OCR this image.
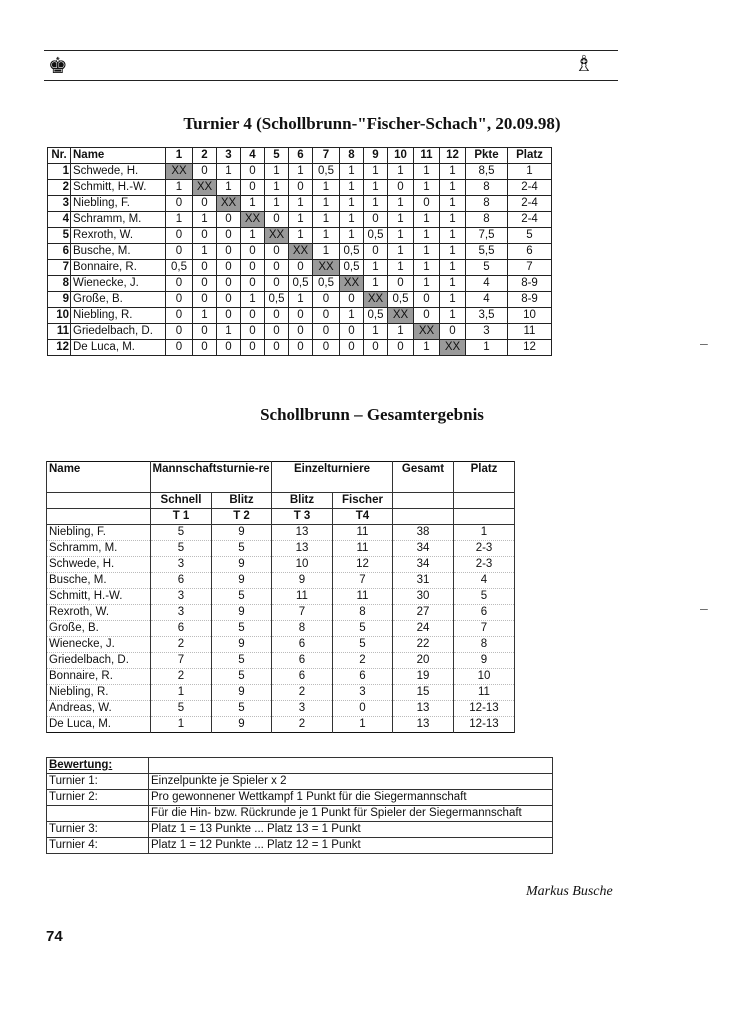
♚	♗
Turnier 4 (Schollbrunn-"Fischer-Schach", 20.09.98)
Nr.	Name	1	2	3	4	5	6	7	8	9	10	11	12	Pkte	Platz
1	Schwede, H.	XX	0	1	0	1	1	0,5	1	1	1	1	1	8,5	1
2	Schmitt, H.-W.	1	XX	1	0	1	0	1	1	1	0	1	1	8	2-4
3	Niebling, F.	0	0	XX	1	1	1	1	1	1	1	0	1	8	2-4
4	Schramm, M.	1	1	0	XX	0	1	1	1	0	1	1	1	8	2-4
5	Rexroth, W.	0	0	0	1	XX	1	1	1	0,5	1	1	1	7,5	5
6	Busche, M.	0	1	0	0	0	XX	1	0,5	0	1	1	1	5,5	6
7	Bonnaire, R.	0,5	0	0	0	0	0	XX	0,5	1	1	1	1	5	7
8	Wienecke, J.	0	0	0	0	0	0,5	0,5	XX	1	0	1	1	4	8-9
9	Große, B.	0	0	0	1	0,5	1	0	0	XX	0,5	0	1	4	8-9
10	Niebling, R.	0	1	0	0	0	0	0	1	0,5	XX	0	1	3,5	10
11	Griedelbach, D.	0	0	1	0	0	0	0	0	1	1	XX	0	3	11
12	De Luca, M.	0	0	0	0	0	0	0	0	0	0	1	XX	1	12
Schollbrunn – Gesamtergebnis
Name	Mannschaftsturnie-re		Einzelturniere		Gesamt	Platz
	Schnell	Blitz	Blitz	Fischer		
	T 1	T 2	T 3	T4		
Niebling, F.	5	9	13	11	38	1
Schramm, M.	5	5	13	11	34	2-3
Schwede, H.	3	9	10	12	34	2-3
Busche, M.	6	9	9	7	31	4
Schmitt, H.-W.	3	5	11	11	30	5
Rexroth, W.	3	9	7	8	27	6
Große, B.	6	5	8	5	24	7
Wienecke, J.	2	9	6	5	22	8
Griedelbach, D.	7	5	6	2	20	9
Bonnaire, R.	2	5	6	6	19	10
Niebling, R.	1	9	2	3	15	11
Andreas, W.	5	5	3	0	13	12-13
De Luca, M.	1	9	2	1	13	12-13
Bewertung:	
Turnier 1:	Einzelpunkte je Spieler x 2
Turnier 2:	Pro gewonnener Wettkampf 1 Punkt für die Siegermannschaft
	Für die Hin- bzw. Rückrunde je 1 Punkt für Spieler der Siegermannschaft
Turnier 3:	Platz 1 = 13 Punkte ... Platz 13 = 1 Punkt
Turnier 4:	Platz 1 = 12 Punkte ... Platz 12 = 1 Punkt
Markus Busche
74
–
–
